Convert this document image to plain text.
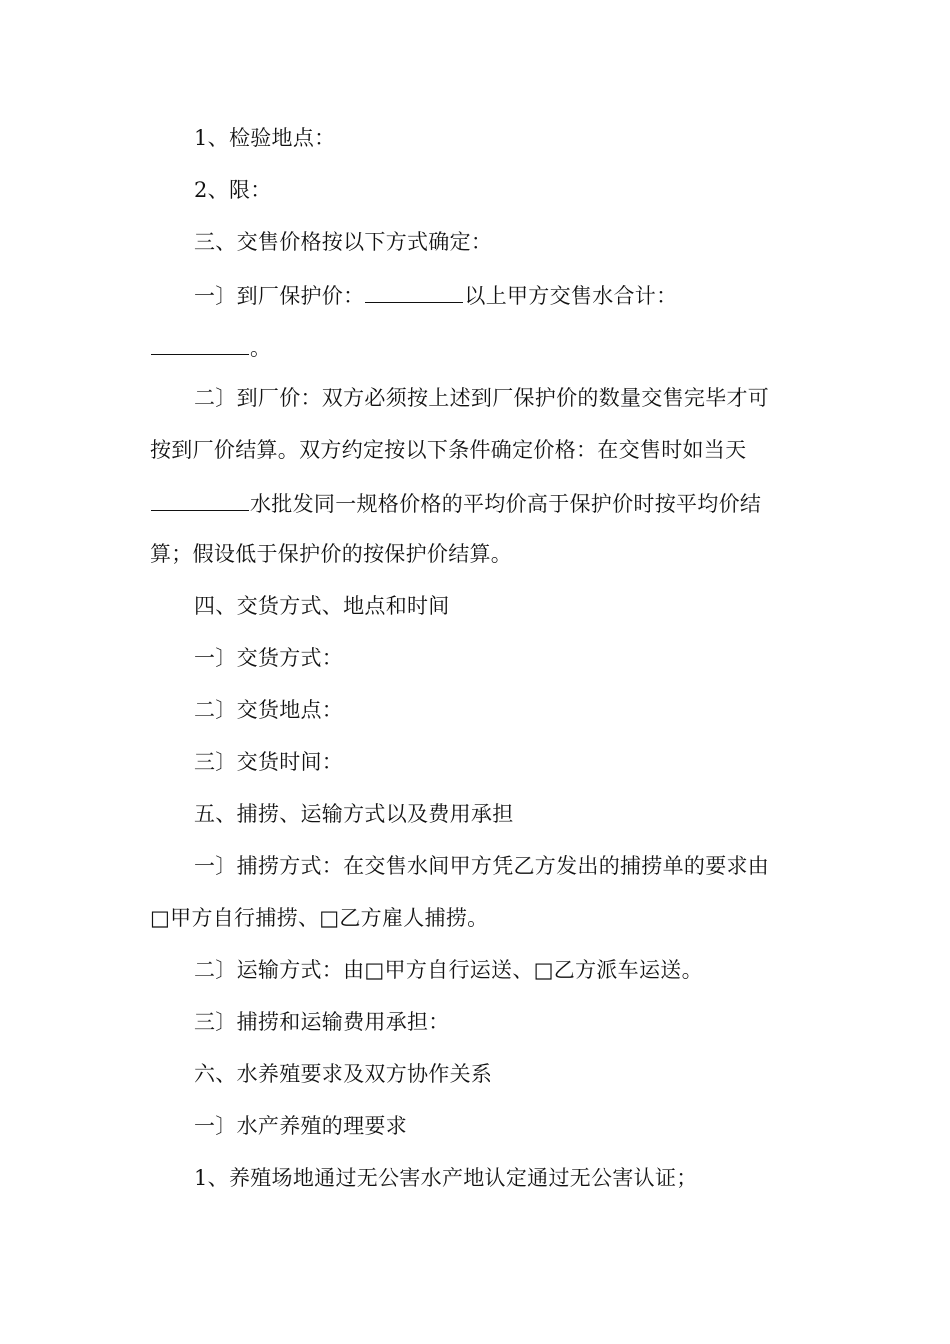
1、检验地点：
2、限：
三、交售价格按以下方式确定：
一〕到厂保护价：	以上甲方交售水合计：
。
二〕到厂价：双方必须按上述到厂保护价的数量交售完毕才可
按到厂价结算。双方约定按以下条件确定价格：在交售时如当天
水批发同一规格价格的平均价高于保护价时按平均价结
算；假设低于保护价的按保护价结算。
四、交货方式、地点和时间
一〕交货方式：
二〕交货地点：
三〕交货时间：
五、捕捞、运输方式以及费用承担
一〕捕捞方式：在交售水间甲方凭乙方发出的捕捞单的要求由
□甲方自行捕捞、□乙方雇人捕捞。
二〕运输方式：由□甲方自行运送、□乙方派车运送。
三〕捕捞和运输费用承担：
六、水养殖要求及双方协作关系
一〕水产养殖的理要求
1、养殖场地通过无公害水产地认定通过无公害认证；
